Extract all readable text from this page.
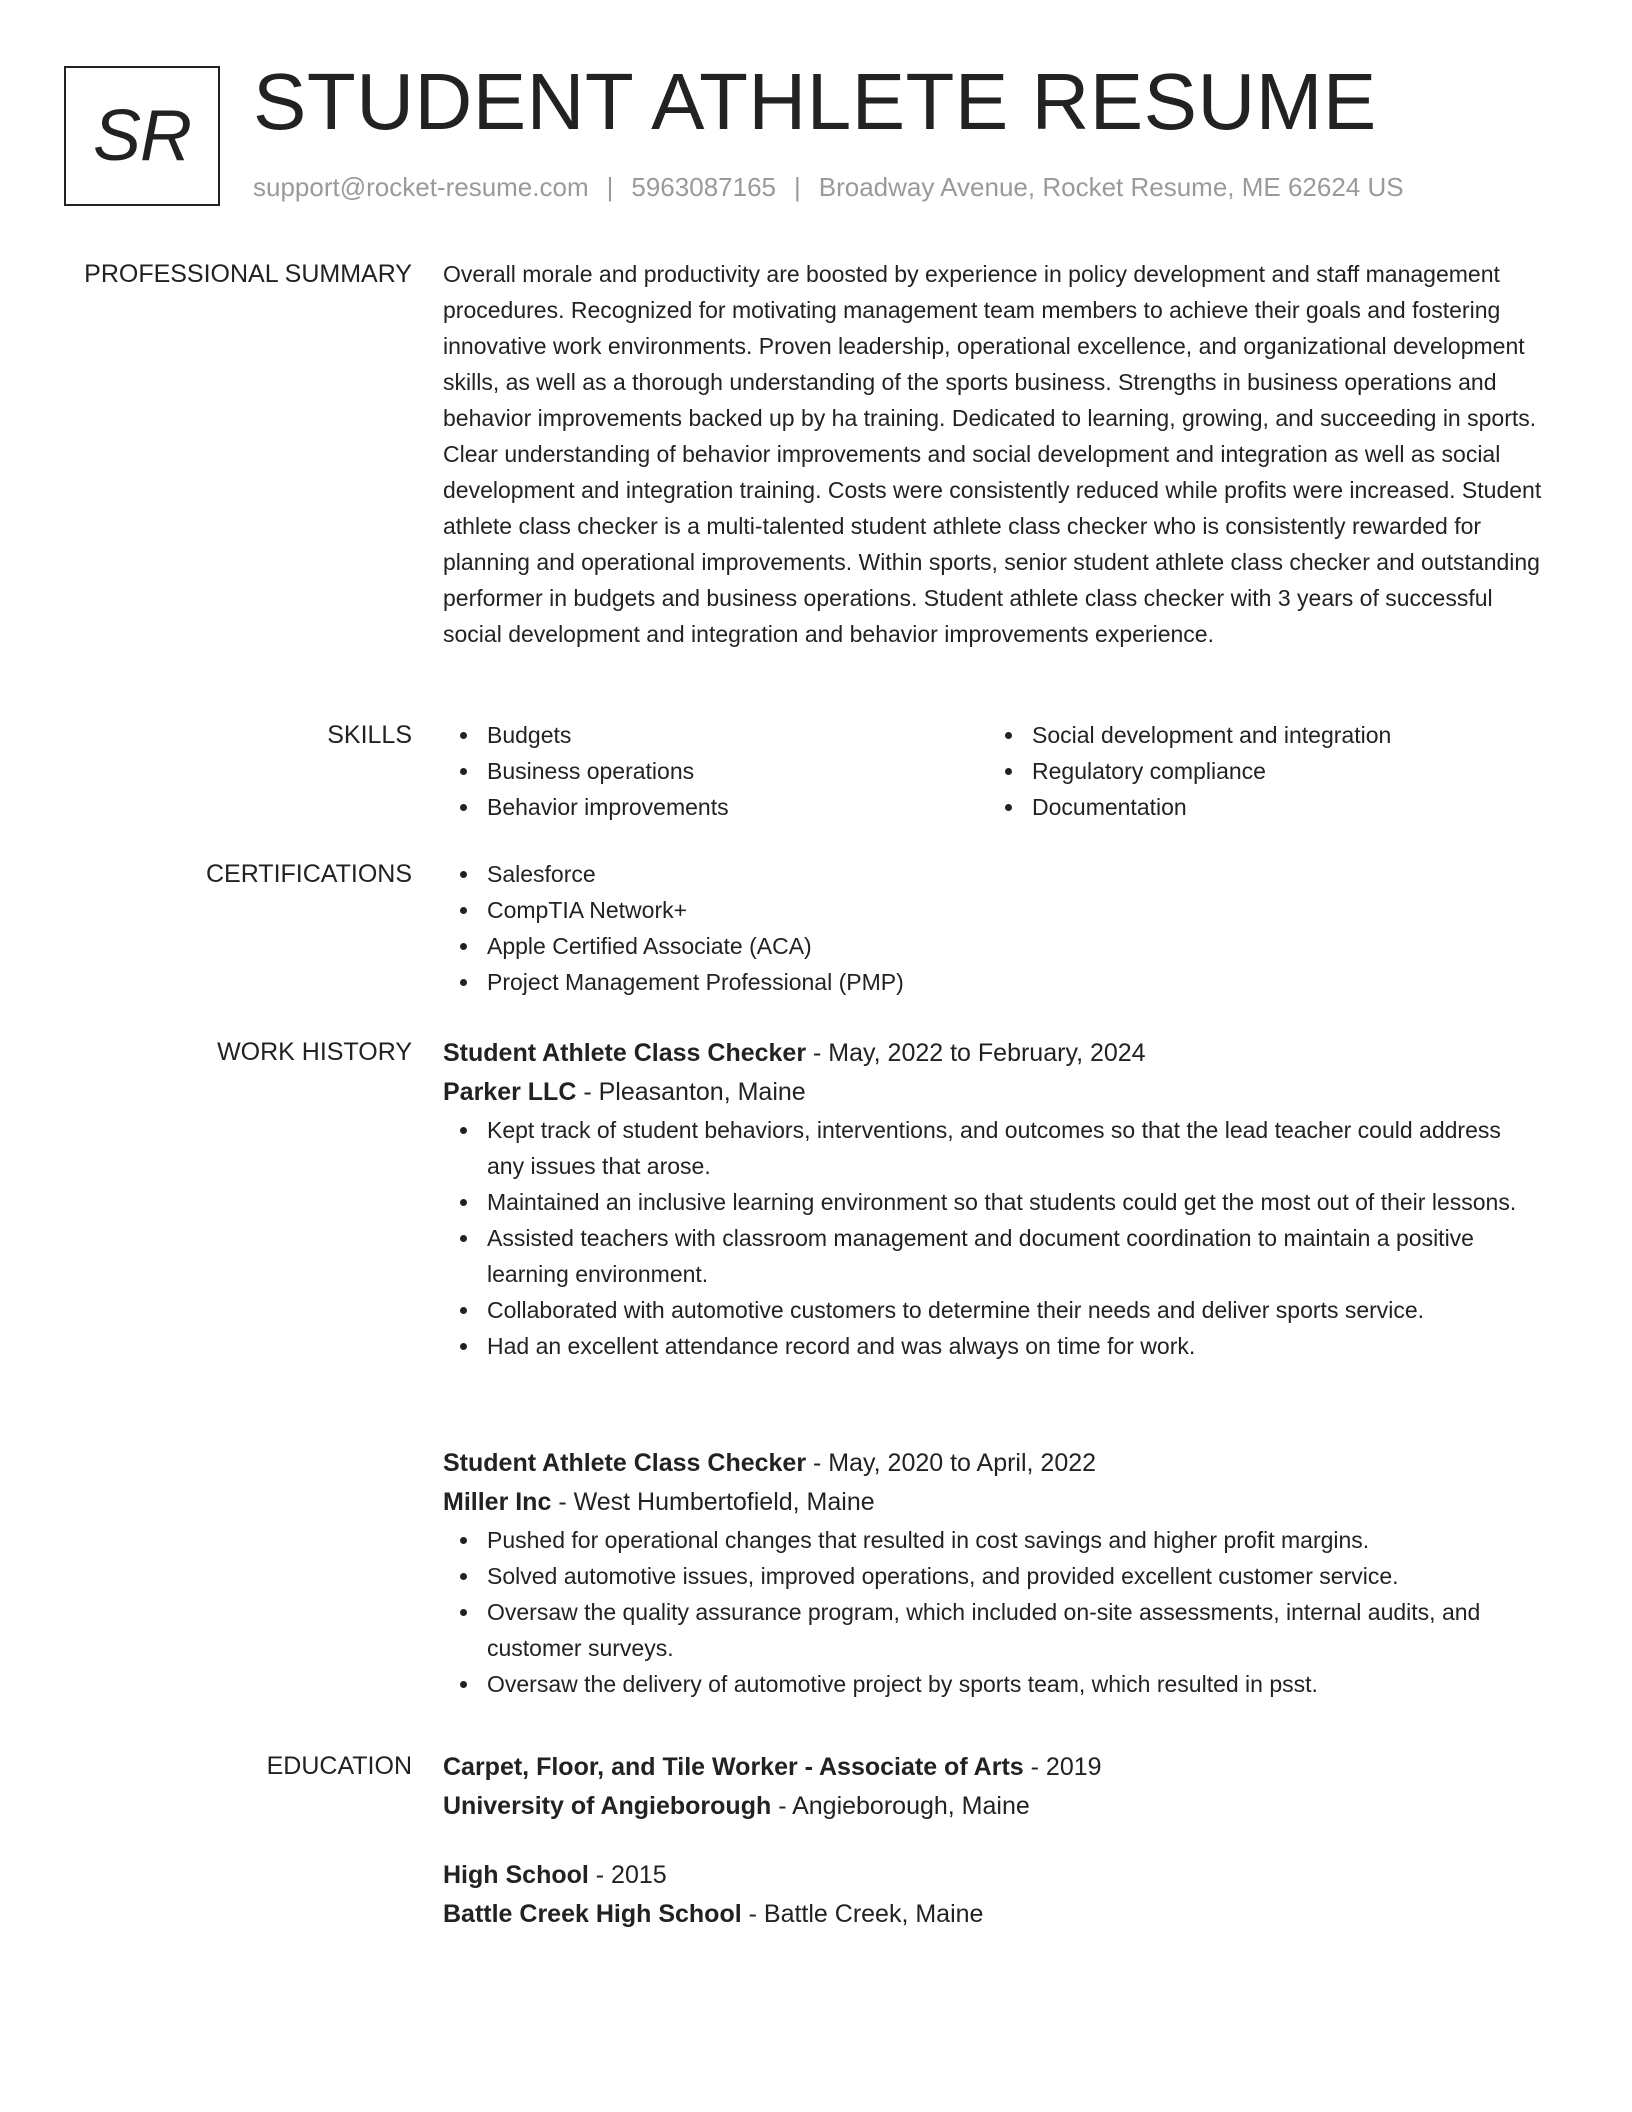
SR STUDENT ATHLETE RESUME
support@rocket-resume.com | 5963087165 | Broadway Avenue, Rocket Resume, ME 62624 US
PROFESSIONAL SUMMARY Overall morale and productivity are boosted by experience in policy development and staff management procedures. Recognized for motivating management team members to achieve their goals and fostering innovative work environments. Proven leadership, operational excellence, and organizational development skills, as well as a thorough understanding of the sports business. Strengths in business operations and behavior improvements backed up by ha training. Dedicated to learning, growing, and succeeding in sports. Clear understanding of behavior improvements and social development and integration as well as social development and integration training. Costs were consistently reduced while profits were increased. Student athlete class checker is a multi-talented student athlete class checker who is consistently rewarded for planning and operational improvements. Within sports, senior student athlete class checker and outstanding performer in budgets and business operations. Student athlete class checker with 3 years of successful social development and integration and behavior improvements experience.
SKILLS	Budgets
Business operations
Behavior improvements
Social development and integration
Regulatory compliance
Documentation
CERTIFICATIONS	Salesforce
CompTIA Network+
Apple Certified Associate (ACA)
Project Management Professional (PMP)
WORK HISTORY Student Athlete Class Checker - May, 2022 to February, 2024
Parker LLC - Pleasanton, Maine
Kept track of student behaviors, interventions, and outcomes so that the lead teacher could address any issues that arose.
Maintained an inclusive learning environment so that students could get the most out of their lessons.
Assisted teachers with classroom management and document coordination to maintain a positive learning environment.
Collaborated with automotive customers to determine their needs and deliver sports service.
Had an excellent attendance record and was always on time for work.
Student Athlete Class Checker - May, 2020 to April, 2022
Miller Inc - West Humbertofield, Maine
Pushed for operational changes that resulted in cost savings and higher profit margins.
Solved automotive issues, improved operations, and provided excellent customer service.
Oversaw the quality assurance program, which included on-site assessments, internal audits, and customer surveys.
Oversaw the delivery of automotive project by sports team, which resulted in psst.
EDUCATION Carpet, Floor, and Tile Worker - Associate of Arts - 2019
University of Angieborough - Angieborough, Maine
High School - 2015
Battle Creek High School - Battle Creek, Maine
